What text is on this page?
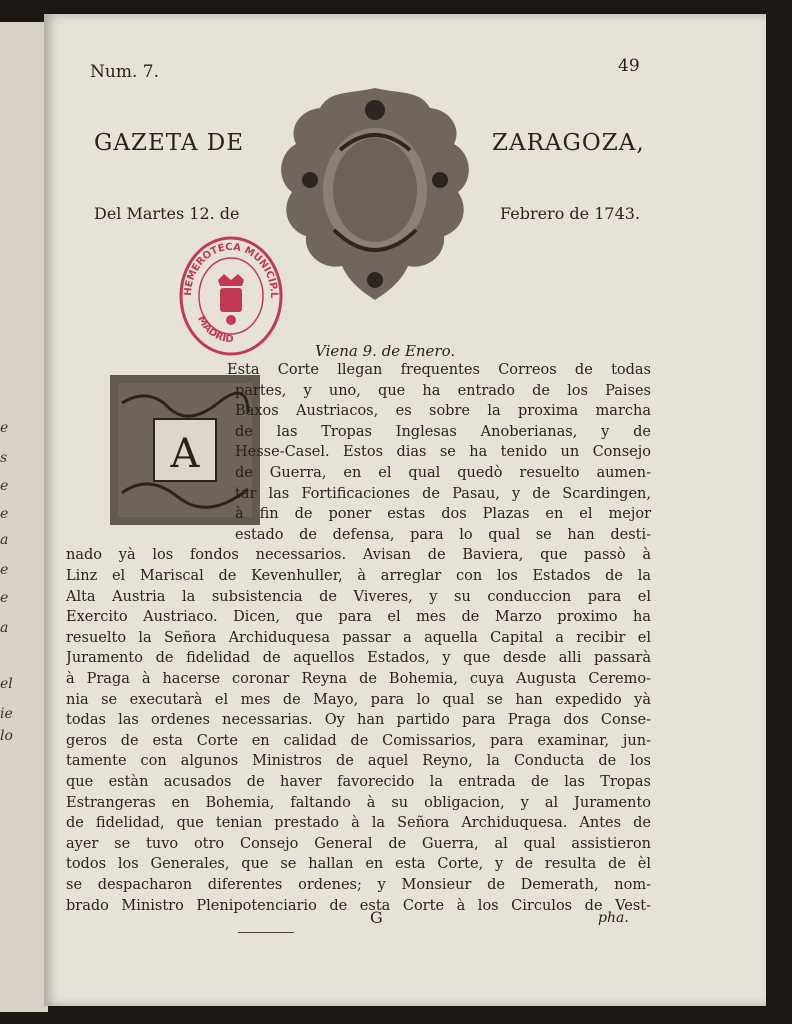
e
s
e
e
a
e
e
a
el
ie
lo
Num. 7.	49
GAZETA DE	ZARAGOZA,
Del Martes 12. de	Febrero de 1743.
HEMEROTECA MUNICIP.L
MADRID
Viena 9. de Enero.
A
Esta Corte llegan frequentes Correos de todas
partes, y uno, que ha entrado de los Paises
Baxos Austriacos, es sobre la proxima marcha
de las Tropas Inglesas Anoberianas, y de
Hesse-Casel. Estos dias se ha tenido un Consejo
de Guerra, en el qual quedò resuelto aumen-
tar las Fortificaciones de Pasau, y de Scardingen,
à fin de poner estas dos Plazas en el mejor
estado de defensa, para lo qual se han desti-
nado yà los fondos necessarios. Avisan de Baviera, que passò à
Linz el Mariscal de Kevenhuller, à arreglar con los Estados de la
Alta Austria la subsistencia de Viveres, y su conduccion para el
Exercito Austriaco. Dicen, que para el mes de Marzo proximo ha
resuelto la Señora Archiduquesa passar a aquella Capital a recibir el
Juramento de fidelidad de aquellos Estados, y que desde alli passarà
à Praga à hacerse coronar Reyna de Bohemia, cuya Augusta Ceremo-
nia se executarà el mes de Mayo, para lo qual se han expedido yà
todas las ordenes necessarias. Oy han partido para Praga dos Conse-
geros de esta Corte en calidad de Comissarios, para examinar, jun-
tamente con algunos Ministros de aquel Reyno, la Conducta de los
que estàn acusados de haver favorecido la entrada de las Tropas
Estrangeras en Bohemia, faltando à su obligacion, y al Juramento
de fidelidad, que tenian prestado à la Señora Archiduquesa. Antes de
ayer se tuvo otro Consejo General de Guerra, al qual assistieron
todos los Generales, que se hallan en esta Corte, y de resulta de èl
se despacharon diferentes ordenes; y Monsieur de Demerath, nom-
brado Ministro Plenipotenciario de esta Corte à los Circulos de Vest-
G	pha.
